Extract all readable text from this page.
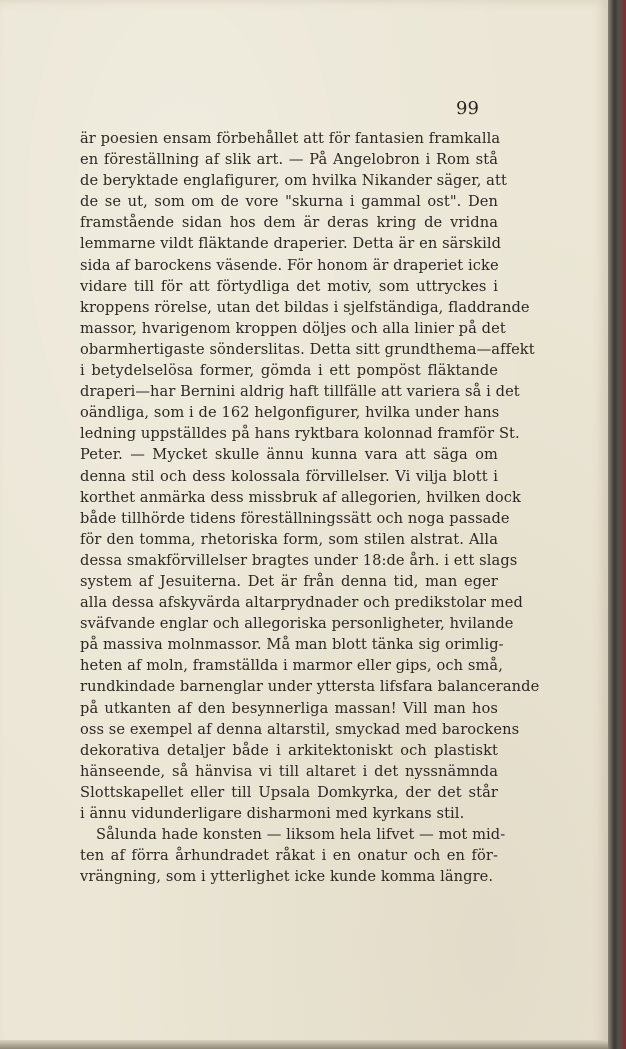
99
är poesien ensam förbehållet att för fantasien framkalla
en föreställning af slik art. — På Angelobron i Rom stå
de beryktade englafigurer, om hvilka Nikander säger, att
de se ut, som om de vore "skurna i gammal ost". Den
framstående sidan hos dem är deras kring de vridna
lemmarne vildt fläktande draperier. Detta är en särskild
sida af barockens väsende. För honom är draperiet icke
vidare till för att förtydliga det motiv, som uttryckes i
kroppens rörelse, utan det bildas i sjelfständiga, fladdrande
massor, hvarigenom kroppen döljes och alla linier på det
obarmhertigaste sönderslitas. Detta sitt grundthema—affekt
i betydelselösa former, gömda i ett pompöst fläktande
draperi—har Bernini aldrig haft tillfälle att variera så i det
oändliga, som i de 162 helgonfigurer, hvilka under hans
ledning uppställdes på hans ryktbara kolonnad framför St.
Peter. — Mycket skulle ännu kunna vara att säga om
denna stil och dess kolossala förvillelser. Vi vilja blott i
korthet anmärka dess missbruk af allegorien, hvilken dock
både tillhörde tidens föreställningssätt och noga passade
för den tomma, rhetoriska form, som stilen alstrat. Alla
dessa smakförvillelser bragtes under 18:de årh. i ett slags
system af Jesuiterna. Det är från denna tid, man eger
alla dessa afskyvärda altarprydnader och predikstolar med
sväfvande englar och allegoriska personligheter, hvilande
på massiva molnmassor. Må man blott tänka sig orimlig-
heten af moln, framställda i marmor eller gips, och små,
rundkindade barnenglar under yttersta lifsfara balancerande
på utkanten af den besynnerliga massan! Vill man hos
oss se exempel af denna altarstil, smyckad med barockens
dekorativa detaljer både i arkitektoniskt och plastiskt
hänseende, så hänvisa vi till altaret i det nyssnämnda
Slottskapellet eller till Upsala Domkyrka, der det står
i ännu vidunderligare disharmoni med kyrkans stil.
Sålunda hade konsten — liksom hela lifvet — mot mid-
ten af förra århundradet råkat i en onatur och en för-
vrängning, som i ytterlighet icke kunde komma längre.
